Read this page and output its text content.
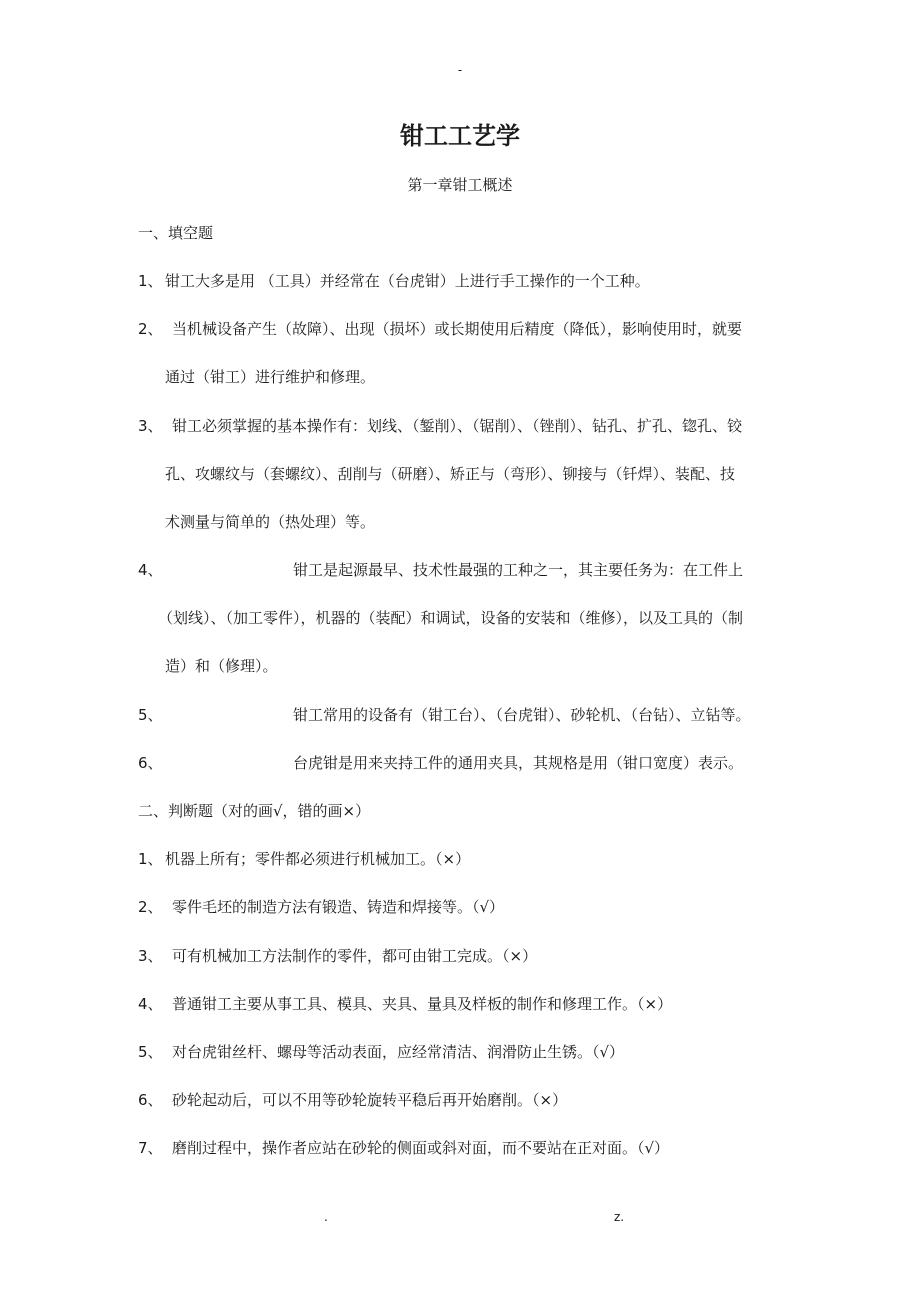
-
钳工工艺学
第一章钳工概述
一、填空题
1、 钳工大多是用 （工具）并经常在（台虎钳）上进行手工操作的一个工种。
2、 当机械设备产生（故障）、出现（损坏）或长期使用后精度（降低），影响使用时，就要
通过（钳工）进行维护和修理。
3、 钳工必须掌握的基本操作有：划线、（錾削）、（锯削）、（锉削）、钻孔、扩孔、锪孔、铰
孔、攻螺纹与（套螺纹）、刮削与（研磨）、矫正与（弯形）、铆接与（钎焊）、装配、技
术测量与简单的（热处理）等。
4、	钳工是起源最早、技术性最强的工种之一，其主要任务为：在工件上
（划线）、（加工零件），机器的（装配）和调试，设备的安装和（维修），以及工具的（制
造）和（修理）。
5、	钳工常用的设备有（钳工台）、（台虎钳）、砂轮机、（台钻）、立钻等。
6、	台虎钳是用来夹持工件的通用夹具，其规格是用（钳口宽度）表示。
二、判断题（对的画√，错的画×）
1、 机器上所有；零件都必须进行机械加工。（×）
2、 零件毛坯的制造方法有锻造、铸造和焊接等。（√）
3、 可有机械加工方法制作的零件，都可由钳工完成。（×）
4、 普通钳工主要从事工具、模具、夹具、量具及样板的制作和修理工作。（×）
5、 对台虎钳丝杆、螺母等活动表面，应经常清洁、润滑防止生锈。（√）
6、 砂轮起动后，可以不用等砂轮旋转平稳后再开始磨削。（×）
7、 磨削过程中，操作者应站在砂轮的侧面或斜对面，而不要站在正对面。（√）
.	z.
